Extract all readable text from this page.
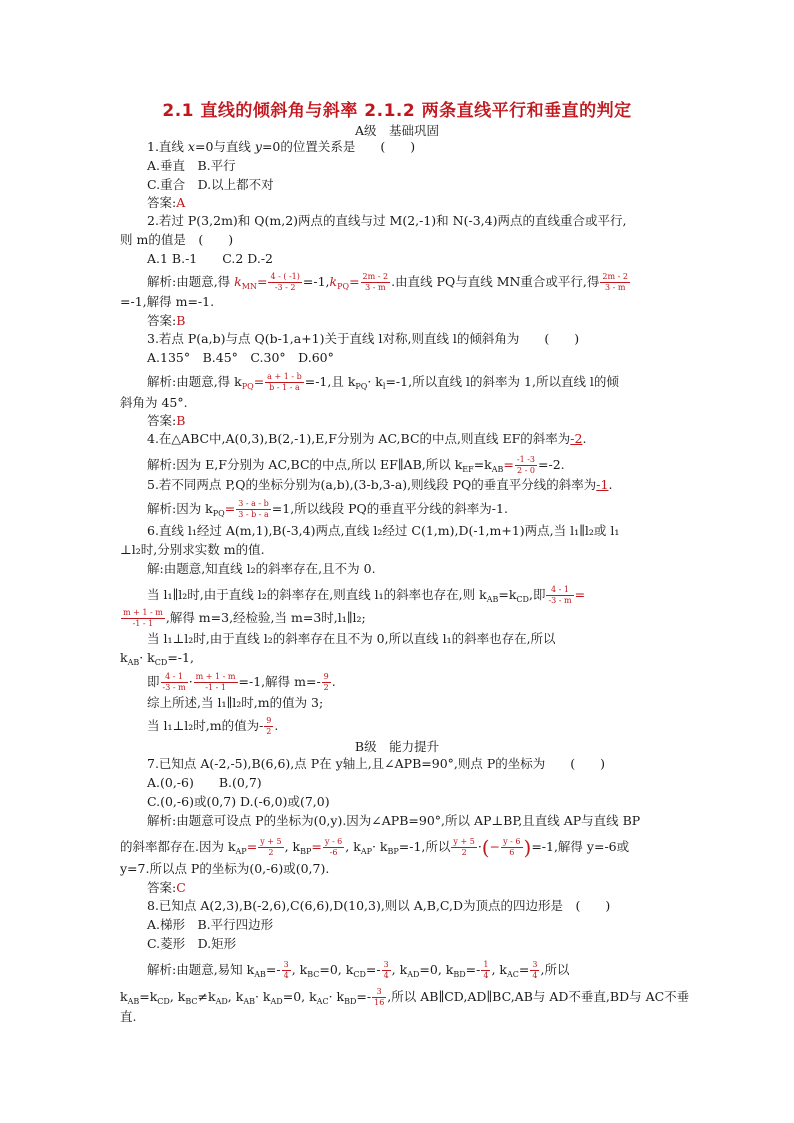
2.1 直线的倾斜角与斜率 2.1.2 两条直线平行和垂直的判定
A级　基础巩固
1.直线 x=0与直线 y=0的位置关系是　　(　　)
A.垂直　B.平行
C.重合　D.以上都不对
答案:A
2.若过 P(3,2m)和 Q(m,2)两点的直线与过 M(2,-1)和 N(-3,4)两点的直线重合或平行,
则 m的值是　(　　)
A.1 B.-1　　C.2 D.-2
解析:由题意,得 $k_{MN}= \frac{4 - ( -1)}{-3 - 2} =-1,k_{PQ}= \frac{2m - 2}{3 - m}$ .由直线 PQ与直线 MN重合或平行,得 $\frac{2m - 2}{3 - m}$
=-1,解得 m=-1.
答案:B
3.若点 P(a,b)与点 Q(b-1,a+1)关于直线 l对称,则直线 l的倾斜角为　　(　　)
A.135°　B.45°　C.30°　D.60°
解析:由题意,得 $k_{PQ}= \frac{a + 1 - b}{b - 1 - a} =-1$,且 $k_{PQ}\cdot k_l=-1$,所以直线 l的斜率为 1,所以直线 l的倾
斜角为 45°.
答案:B
4.在△ABC中,A(0,3),B(2,-1),E,F分别为 AC,BC的中点,则直线 EF的斜率为-2.
解析:因为 E,F分别为 AC,BC的中点,所以 EF∥AB,所以 $k_{EF}=k_{AB}= \frac{-1 -3}{2 - 0} =-2$.
5.若不同两点 P,Q的坐标分别为(a,b),(3-b,3-a),则线段 PQ的垂直平分线的斜率为-1.
解析:因为 $k_{PQ}= \frac{3 - a - b}{3 - b - a} =1$,所以线段 PQ的垂直平分线的斜率为-1.
6.直线 l₁经过 A(m,1),B(-3,4)两点,直线 l₂经过 C(1,m),D(-1,m+1)两点,当 l₁∥l₂或 l₁
⊥l₂时,分别求实数 m的值.
解:由题意,知直线 l₂的斜率存在,且不为 0.
当 l₁∥l₂时,由于直线 l₂的斜率存在,则直线 l₁的斜率也存在,则 $k_{AB}=k_{CD}$,即 $\frac{4 - 1}{-3 - m}$ =
$\frac{m + 1 - m}{-1 - 1}$ ,解得 m=3,经检验,当 m=3时,l₁∥l₂;
当 l₁⊥l₂时,由于直线 l₂的斜率存在且不为 0,所以直线 l₁的斜率也存在,所以
$k_{AB}\cdot k_{CD}=-1$,
即 $\frac{4 - 1}{-3 - m} \cdot \frac{m + 1 - m}{-1 - 1} =-1$,解得 $m=- \frac{9}{2}$ .
综上所述,当 l₁∥l₂时,m的值为 3;
当 l₁⊥l₂时,m的值为- $\frac{9}{2}$ .
B级　能力提升
7.已知点 A(-2,-5),B(6,6),点 P在 y轴上,且∠APB=90°,则点 P的坐标为　　(　　)
A.(0,-6)　　B.(0,7)
C.(0,-6)或(0,7) D.(-6,0)或(7,0)
解析:由题意可设点 P的坐标为(0,y).因为∠APB=90°,所以 AP⊥BP,且直线 AP与直线 BP
的斜率都存在.因为 $k_{AP}= \frac{y + 5}{2}$ , $k_{BP}= \frac{y - 6}{-6}$ , $k_{AP}\cdot k_{BP}=-1$,所以 $\frac{y + 5}{2}$ ·(− $\frac{y - 6}{6} )=-1$,解得 y=-6或
y=7.所以点 P的坐标为(0,-6)或(0,7).
答案:C
8.已知点 A(2,3),B(-2,6),C(6,6),D(10,3),则以 A,B,C,D为顶点的四边形是　(　　)
A.梯形　B.平行四边形
C.菱形　D.矩形
解析:由题意,易知 $k_{AB}=- \frac{3}{4}$ , $k_{BC}=0$, $k_{CD}=- \frac{3}{4}$ , $k_{AD}=0$, $k_{BD}=- \frac{1}{4}$ , $k_{AC}= \frac{3}{4}$ ,所以
$k_{AB}=k_{CD}$, $k_{BC}\ne k_{AD}$, $k_{AB}\cdot k_{AD}=0$, $k_{AC}\cdot k_{BD}=- \frac{3}{16}$ ,所以 AB∥CD,AD∥BC,AB与 AD不垂直,BD与 AC不垂
直.
